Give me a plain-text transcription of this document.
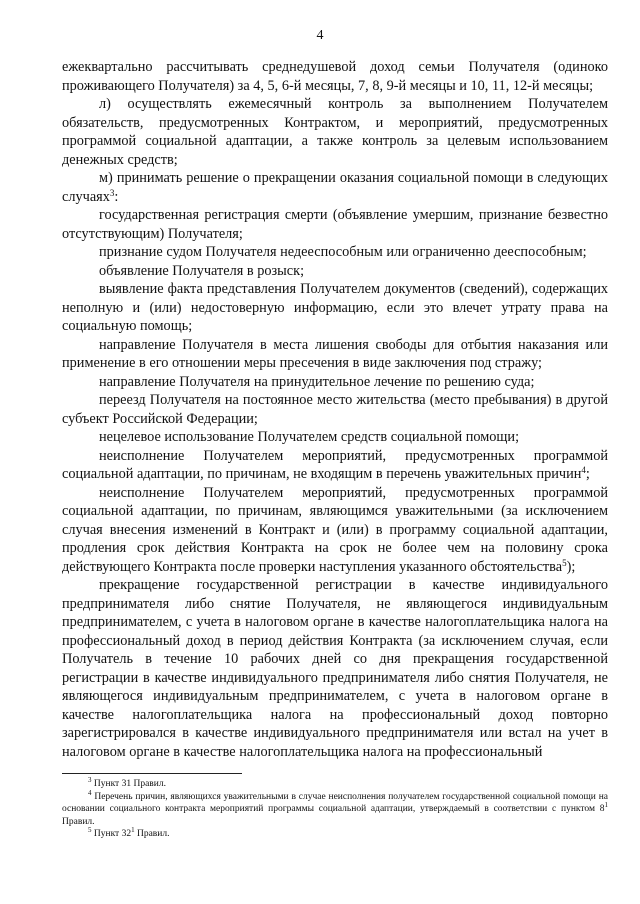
4

ежеквартально рассчитывать среднедушевой доход семьи Получателя (одиноко проживающего Получателя) за 4, 5, 6-й месяцы, 7, 8, 9-й месяцы и 10, 11, 12-й месяцы;

л) осуществлять ежемесячный контроль за выполнением Получателем обязательств, предусмотренных Контрактом, и мероприятий, предусмотренных программой социальной адаптации, а также контроль за целевым использованием денежных средств;

м) принимать решение о прекращении оказания социальной помощи в следующих случаях$^3$:

государственная регистрация смерти (объявление умершим, признание безвестно отсутствующим) Получателя;

признание судом Получателя недееспособным или ограниченно дееспособным;

объявление Получателя в розыск;

выявление факта представления Получателем документов (сведений), содержащих неполную и (или) недостоверную информацию, если это влечет утрату права на социальную помощь;

направление Получателя в места лишения свободы для отбытия наказания или применение в его отношении меры пресечения в виде заключения под стражу;

направление Получателя на принудительное лечение по решению суда;

переезд Получателя на постоянное место жительства (место пребывания) в другой субъект Российской Федерации;

нецелевое использование Получателем средств социальной помощи;

неисполнение Получателем мероприятий, предусмотренных программой социальной адаптации, по причинам, не входящим в перечень уважительных причин$^4$;

неисполнение Получателем мероприятий, предусмотренных программой социальной адаптации, по причинам, являющимся уважительными (за исключением случая внесения изменений в Контракт и (или) в программу социальной адаптации, продления срок действия Контракта на срок не более чем на половину срока действующего Контракта после проверки наступления указанного обстоятельства$^5$);

прекращение государственной регистрации в качестве индивидуального предпринимателя либо снятие Получателя, не являющегося индивидуальным предпринимателем, с учета в налоговом органе в качестве налогоплательщика налога на профессиональный доход в период действия Контракта (за исключением случая, если Получатель в течение 10 рабочих дней со дня прекращения государственной регистрации в качестве индивидуального предпринимателя либо снятия Получателя, не являющегося индивидуальным предпринимателем, с учета в налоговом органе в качестве налогоплательщика налога на профессиональный доход повторно зарегистрировался в качестве индивидуального предпринимателя или встал на учет в налоговом органе в качестве налогоплательщика налога на профессиональный

$^3$ Пункт 31 Правил.

$^4$ Перечень причин, являющихся уважительными в случае неисполнения получателем государственной социальной помощи на основании социального контракта мероприятий программы социальной адаптации, утверждаемый в соответствии с пунктом $8^1$ Правил.

$^5$ Пункт $32^1$ Правил.
